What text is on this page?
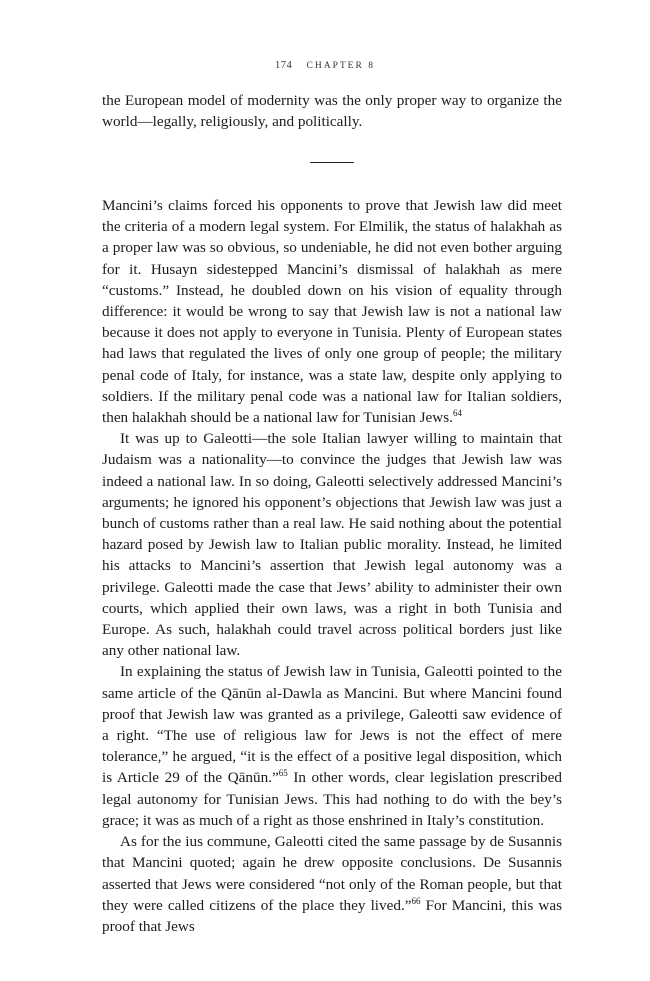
174 CHAPTER 8

the European model of modernity was the only proper way to organize the world—legally, religiously, and politically.

Mancini’s claims forced his opponents to prove that Jewish law did meet the criteria of a modern legal system. For Elmilik, the status of halakhah as a proper law was so obvious, so undeniable, he did not even bother arguing for it. Husayn sidestepped Mancini’s dismissal of halakhah as mere “customs.” Instead, he doubled down on his vision of equality through difference: it would be wrong to say that Jewish law is not a national law because it does not apply to everyone in Tunisia. Plenty of European states had laws that regulated the lives of only one group of people; the military penal code of Italy, for instance, was a state law, despite only applying to soldiers. If the military penal code was a national law for Italian soldiers, then halakhah should be a national law for Tunisian Jews.$^{64}$

It was up to Galeotti—the sole Italian lawyer willing to maintain that Judaism was a nationality—to convince the judges that Jewish law was indeed a national law. In so doing, Galeotti selectively addressed Mancini’s arguments; he ignored his opponent’s objections that Jewish law was just a bunch of customs rather than a real law. He said nothing about the potential hazard posed by Jewish law to Italian public morality. Instead, he limited his attacks to Mancini’s assertion that Jewish legal autonomy was a privilege. Galeotti made the case that Jews’ ability to administer their own courts, which applied their own laws, was a right in both Tunisia and Europe. As such, halakhah could travel across political borders just like any other national law.

In explaining the status of Jewish law in Tunisia, Galeotti pointed to the same article of the Qānūn al-Dawla as Mancini. But where Mancini found proof that Jewish law was granted as a privilege, Galeotti saw evidence of a right. “The use of religious law for Jews is not the effect of mere tolerance,” he argued, “it is the effect of a positive legal disposition, which is Article 29 of the Qānūn.”$^{65}$ In other words, clear legislation prescribed legal autonomy for Tunisian Jews. This had nothing to do with the bey’s grace; it was as much of a right as those enshrined in Italy’s constitution.

As for the ius commune, Galeotti cited the same passage by de Susannis that Mancini quoted; again he drew opposite conclusions. De Susannis asserted that Jews were considered “not only of the Roman people, but that they were called citizens of the place they lived.”$^{66}$ For Mancini, this was proof that Jews
